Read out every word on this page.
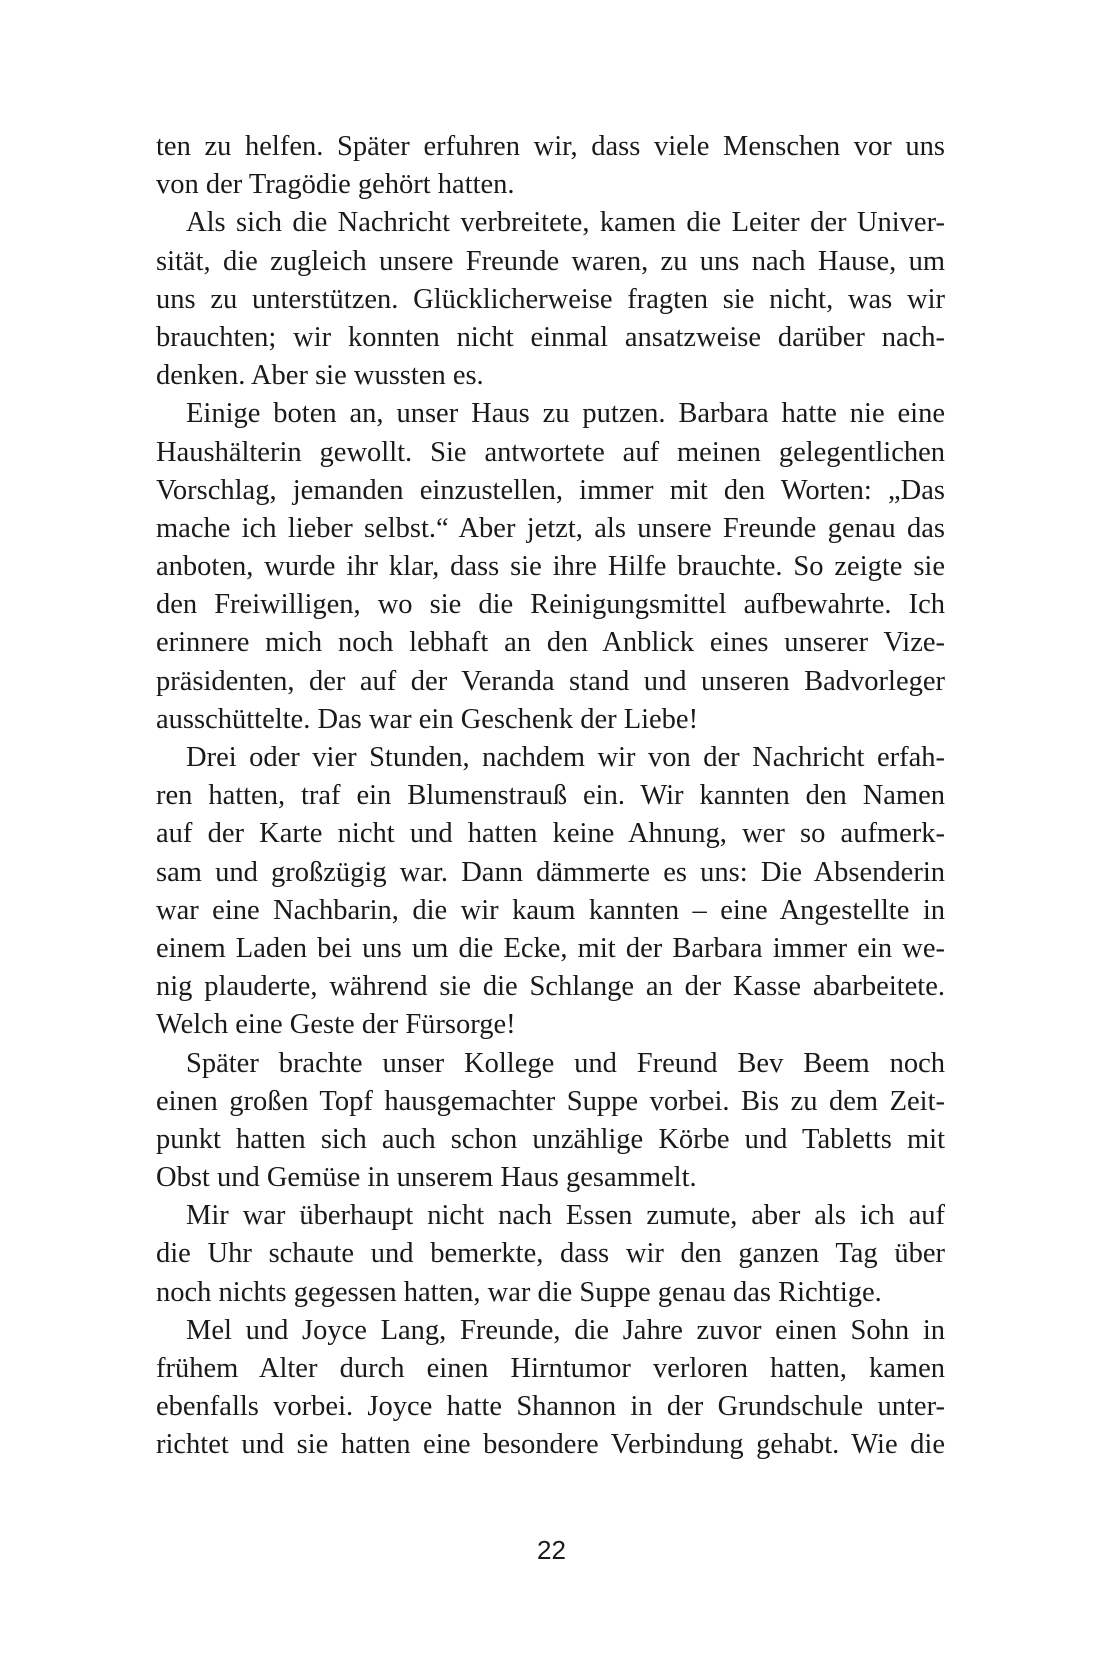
ten zu helfen. Später erfuhren wir, dass viele Menschen vor uns
von der Tragödie gehört hatten.
Als sich die Nachricht verbreitete, kamen die Leiter der Univer-
sität, die zugleich unsere Freunde waren, zu uns nach Hause, um
uns zu unterstützen. Glücklicherweise fragten sie nicht, was wir
brauchten; wir konnten nicht einmal ansatzweise darüber nach-
denken. Aber sie wussten es.
Einige boten an, unser Haus zu putzen. Barbara hatte nie eine
Haushälterin gewollt. Sie antwortete auf meinen gelegentlichen
Vorschlag, jemanden einzustellen, immer mit den Worten: „Das
mache ich lieber selbst.“ Aber jetzt, als unsere Freunde genau das
anboten, wurde ihr klar, dass sie ihre Hilfe brauchte. So zeigte sie
den Freiwilligen, wo sie die Reinigungsmittel aufbewahrte. Ich
erinnere mich noch lebhaft an den Anblick eines unserer Vize-
präsidenten, der auf der Veranda stand und unseren Badvorleger
ausschüttelte. Das war ein Geschenk der Liebe!
Drei oder vier Stunden, nachdem wir von der Nachricht erfah-
ren hatten, traf ein Blumenstrauß ein. Wir kannten den Namen
auf der Karte nicht und hatten keine Ahnung, wer so aufmerk-
sam und großzügig war. Dann dämmerte es uns: Die Absenderin
war eine Nachbarin, die wir kaum kannten – eine Angestellte in
einem Laden bei uns um die Ecke, mit der Barbara immer ein we-
nig plauderte, während sie die Schlange an der Kasse abarbeitete.
Welch eine Geste der Fürsorge!
Später brachte unser Kollege und Freund Bev Beem noch
einen großen Topf hausgemachter Suppe vorbei. Bis zu dem Zeit-
punkt hatten sich auch schon unzählige Körbe und Tabletts mit
Obst und Gemüse in unserem Haus gesammelt.
Mir war überhaupt nicht nach Essen zumute, aber als ich auf
die Uhr schaute und bemerkte, dass wir den ganzen Tag über
noch nichts gegessen hatten, war die Suppe genau das Richtige.
Mel und Joyce Lang, Freunde, die Jahre zuvor einen Sohn in
frühem Alter durch einen Hirntumor verloren hatten, kamen
ebenfalls vorbei. Joyce hatte Shannon in der Grundschule unter-
richtet und sie hatten eine besondere Verbindung gehabt. Wie die
22
